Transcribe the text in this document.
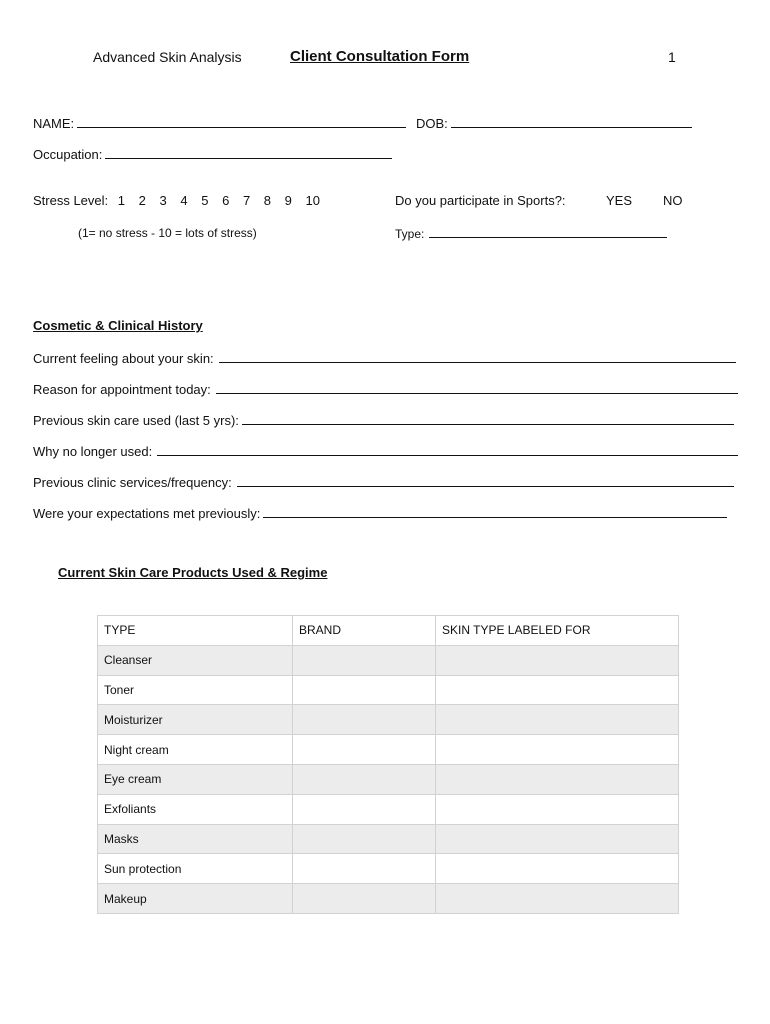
Advanced Skin Analysis	Client Consultation Form	1
NAME:	DOB:
Occupation:
Stress Level: 1 2 3 4 5 6 7 8 9 10
(1= no stress - 10 = lots of stress)
Do you participate in Sports?:	YES NO
Type:
Cosmetic & Clinical History
Current feeling about your skin:
Reason for appointment today:
Previous skin care used (last 5 yrs):
Why no longer used:
Previous clinic services/frequency:
Were your expectations met previously:
Current Skin Care Products Used & Regime
TYPE	BRAND	SKIN TYPE LABELED FOR
Cleanser		
Toner		
Moisturizer		
Night cream		
Eye cream		
Exfoliants		
Masks		
Sun protection		
Makeup		
